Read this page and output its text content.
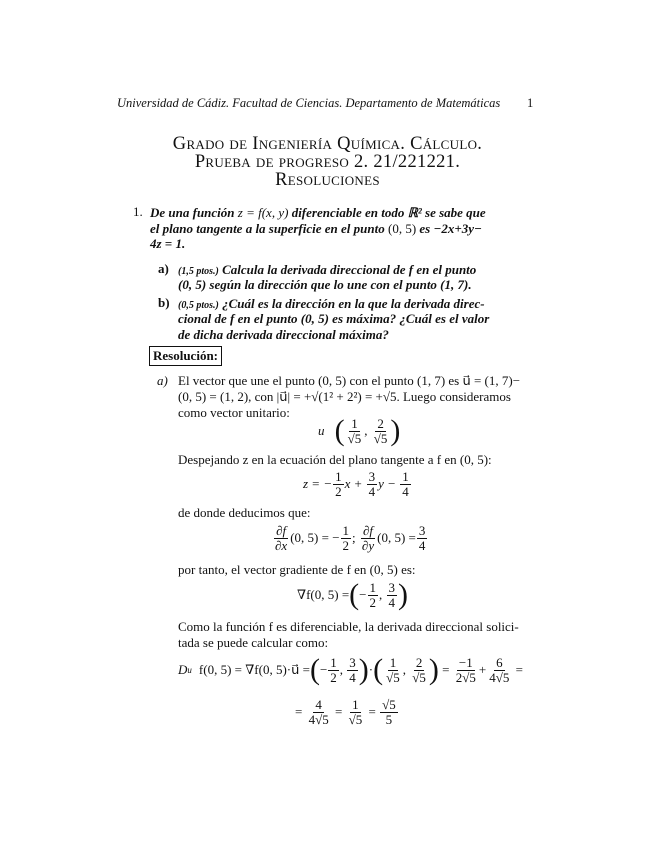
Universidad de Cádiz. Facultad de Ciencias. Departamento de Matemáticas 1
Grado de Ingeniería Química. Cálculo.
Prueba de progreso 2. 21/221221.
Resoluciones
1. De una función z = f(x, y) diferenciable en todo ℝ² se sabe que
el plano tangente a la superficie en el punto (0, 5) es −2x+3y−
4z = 1.
a) (1,5 ptos.) Calcula la derivada direccional de f en el punto
(0, 5) según la dirección que lo une con el punto (1, 7).
b) (0,5 ptos.) ¿Cuál es la dirección en la que la derivada direc-
cional de f en el punto (0, 5) es máxima? ¿Cuál es el valor
de dicha derivada direccional máxima?
Resolución:
a) El vector que une el punto (0, 5) con el punto (1, 7) es u⃗ = (1, 7)−
(0, 5) = (1, 2), con |u⃗| = +√(1² + 2²) = +√5. Luego consideramos
como vector unitario:
u⃗ ( $\frac{1}{√5}$ , $\frac{2}{√5}$ )
Despejando z en la ecuación del plano tangente a f en (0, 5):
z = − $\frac{1}{2}$ $x + \frac{3}{4}$ $y - \frac{1}{4}$
de donde deducimos que:
$\frac{\partial f}{\partial x} (0$, 5) = − $\frac{1}{2}$ ;
$\frac{\partial f}{\partial y} (0$, $5) = \frac{3}{4}$
por tanto, el vector gradiente de f en (0, 5) es:
∇f(0, 5) = ( − $\frac{1}{2}$ , $\frac{3}{4}$ )
Como la función f es diferenciable, la derivada direccional solici-
tada se puede calcular como:
D u⃗ f(0, 5) = ∇f(0, 5)·u⃗ = ( − $\frac{1}{2}$ , $\frac{3}{4}$ ) · ( $\frac{1}{√5}$ , $\frac{2}{√5}$ ) = $\frac{-1}{2√5} + \frac{6}{4√5}$ =
= $\frac{4}{4√5} = \frac{1}{√5} = \frac{√5}{5}$
